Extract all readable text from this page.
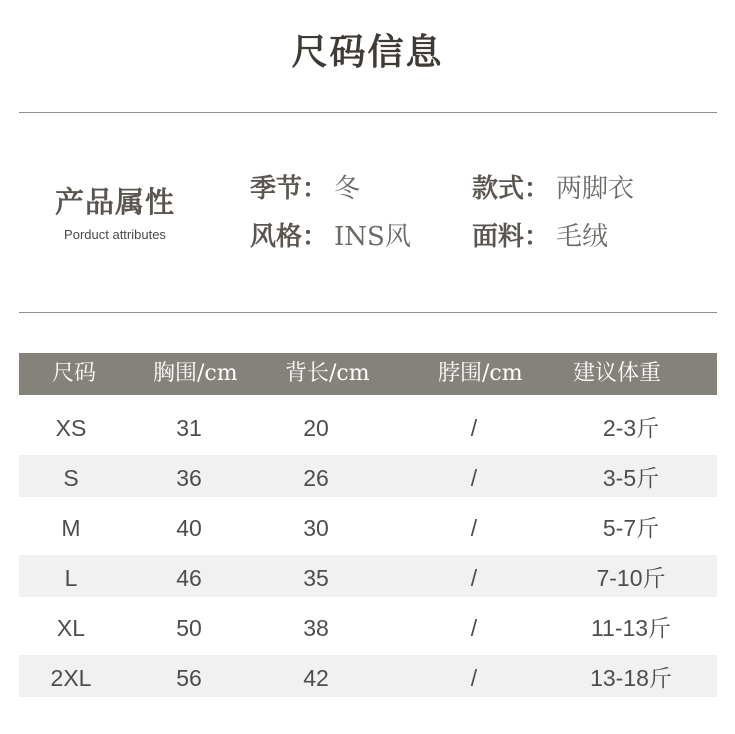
尺码信息
产品属性
Porduct attributes
季节： 冬	款式： 两脚衣
风格： INS风 面料： 毛绒
尺码	胸围/cm 背长/cm	脖围/cm 建议体重
XS	31	20	/	2-3斤
S	36	26	/	3-5斤
M	40	30	/	5-7斤
L	46	35	/	7-10斤
XL	50	38	/	11-13斤
2XL	56	42	/	13-18斤
